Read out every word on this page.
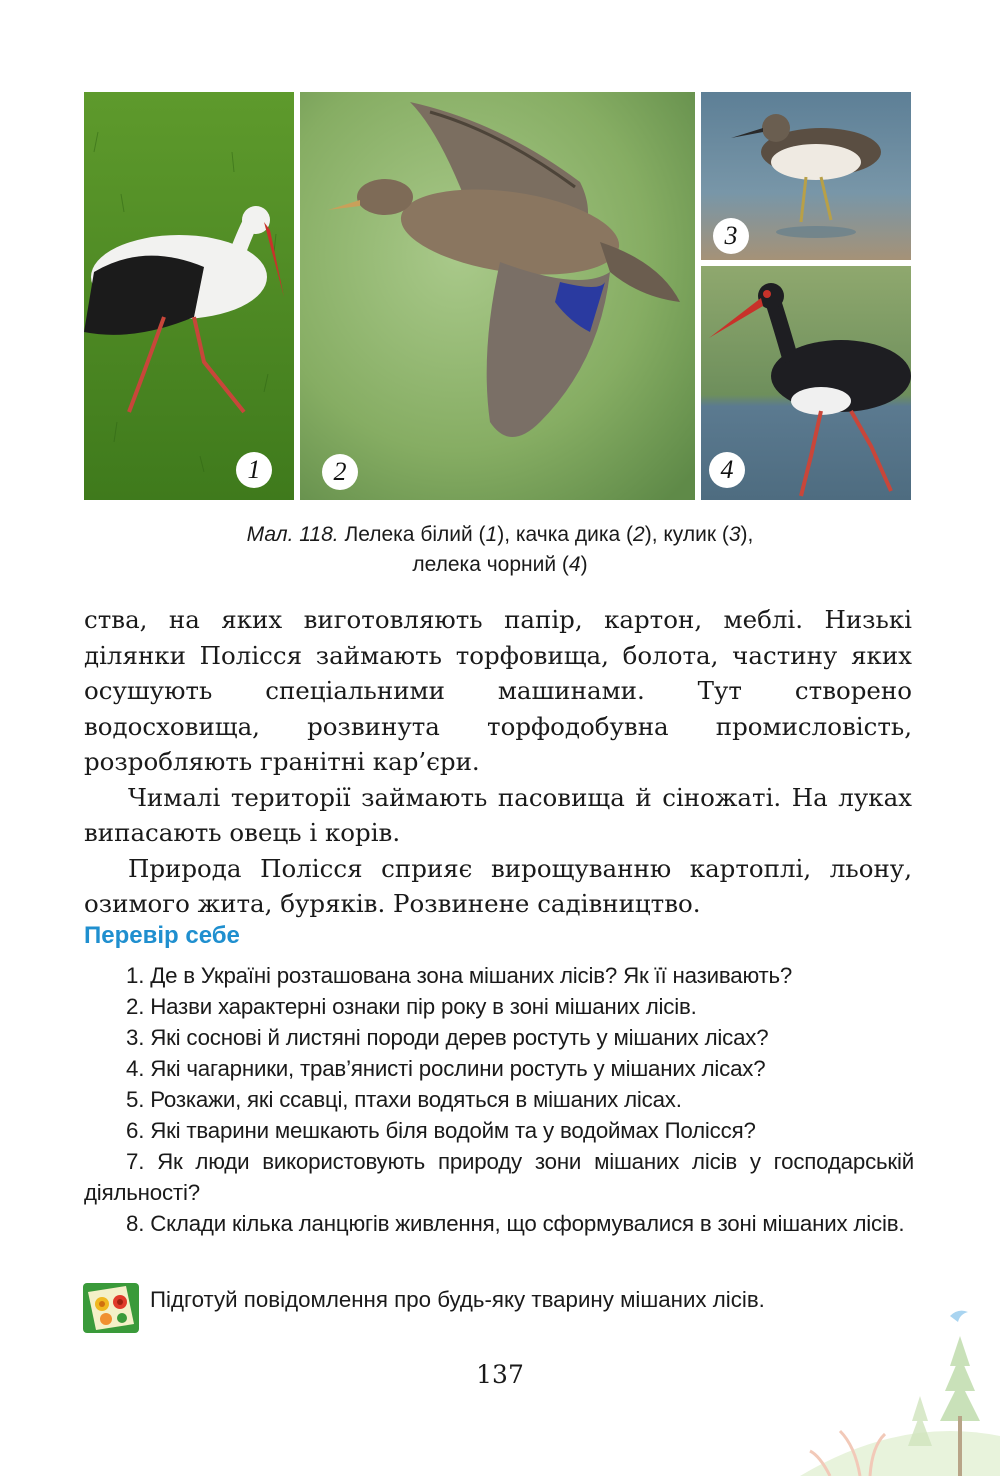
1	2
3
4
Мал. 118. Лелека білий (1), качка дика (2), кулик (3),
лелека чорний (4)

ства, на яких виготовляють папір, картон, меблі. Низькі ділянки Полісся займають торфовища, болота, частину яких осушують спеціальними машинами. Тут створено водосховища, розвинута торфодобувна промисловість, розробляють гранітні кар’єри.

Чималі території займають пасовища й сіножаті. На луках випасають овець і корів.

Природа Полісся сприяє вирощуванню картоплі, льону, озимого жита, буряків. Розвинене садівництво.

Перевір себе

1. Де в Україні розташована зона мішаних лісів? Як її називають?

2. Назви характерні ознаки пір року в зоні мішаних лісів.

3. Які соснові й листяні породи дерев ростуть у мішаних лісах?

4. Які чагарники, трав’янисті рослини ростуть у мішаних лісах?

5. Розкажи, які ссавці, птахи водяться в мішаних лісах.

6. Які тварини мешкають біля водойм та у водоймах Полісся?

7. Як люди використовують природу зони мішаних лісів у господарській діяльності?

8. Склади кілька ланцюгів живлення, що сформувалися в зоні мішаних лісів.

Підготуй повідомлення про будь-яку тварину мішаних лісів.
137
